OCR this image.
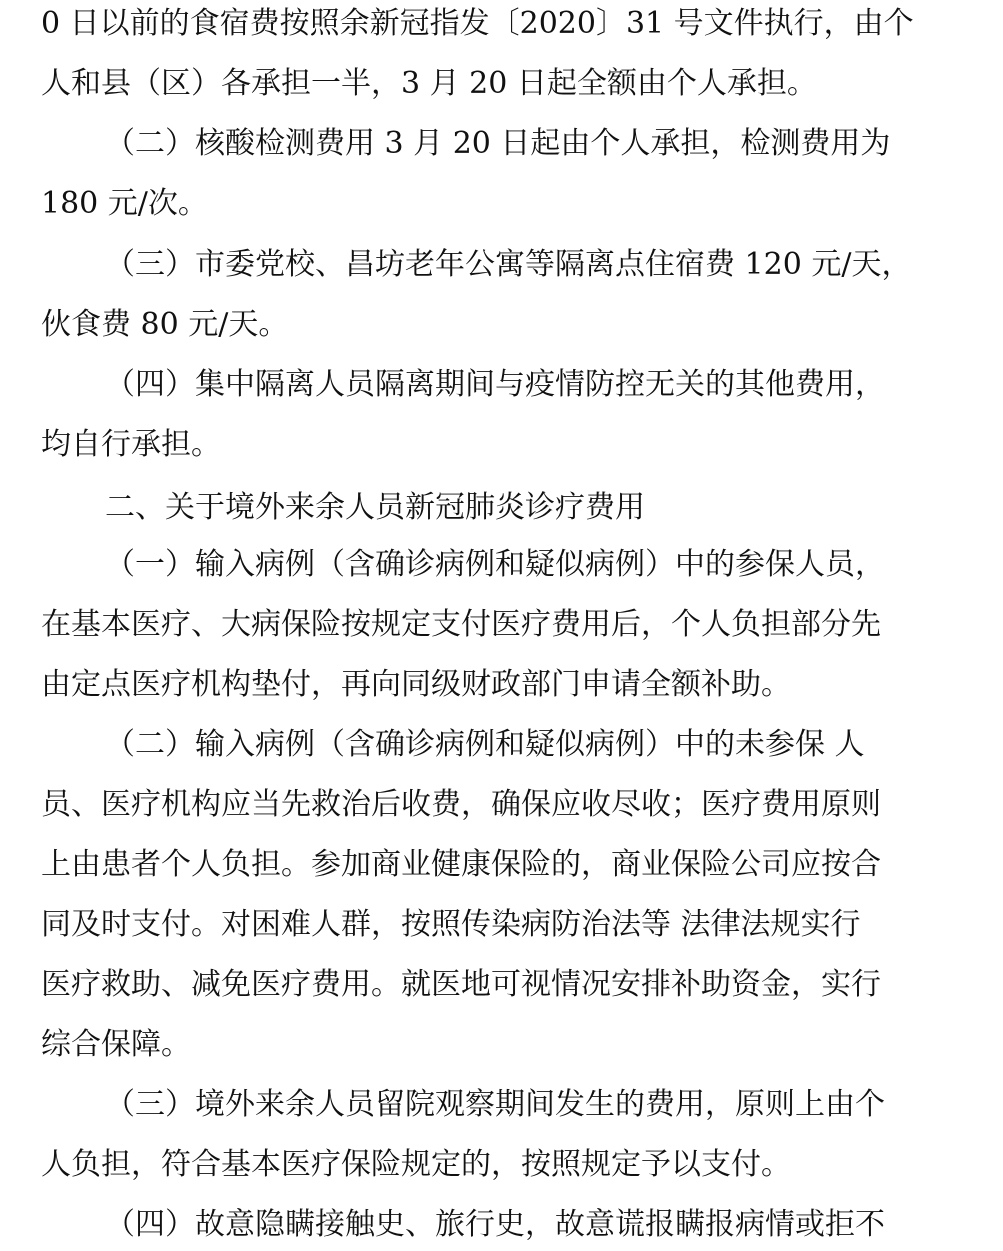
0 日以前的食宿费按照余新冠指发〔2020〕31 号文件执行，由个
人和县（区）各承担一半，3 月 20 日起全额由个人承担。
（二）核酸检测费用 3 月 20 日起由个人承担，检测费用为
180 元/次。
（三）市委党校、昌坊老年公寓等隔离点住宿费 120 元/天，
伙食费 80 元/天。
（四）集中隔离人员隔离期间与疫情防控无关的其他费用，
均自行承担。
二、关于境外来余人员新冠肺炎诊疗费用
（一）输入病例（含确诊病例和疑似病例）中的参保人员，
在基本医疗、大病保险按规定支付医疗费用后，个人负担部分先
由定点医疗机构垫付，再向同级财政部门申请全额补助。
（二）输入病例（含确诊病例和疑似病例）中的未参保 人
员、医疗机构应当先救治后收费，确保应收尽收；医疗费用原则
上由患者个人负担。参加商业健康保险的，商业保险公司应按合
同及时支付。对困难人群，按照传染病防治法等 法律法规实行
医疗救助、减免医疗费用。就医地可视情况安排补助资金，实行
综合保障。
（三）境外来余人员留院观察期间发生的费用，原则上由个
人负担，符合基本医疗保险规定的，按照规定予以支付。
（四）故意隐瞒接触史、旅行史，故意谎报瞒报病情或拒不
